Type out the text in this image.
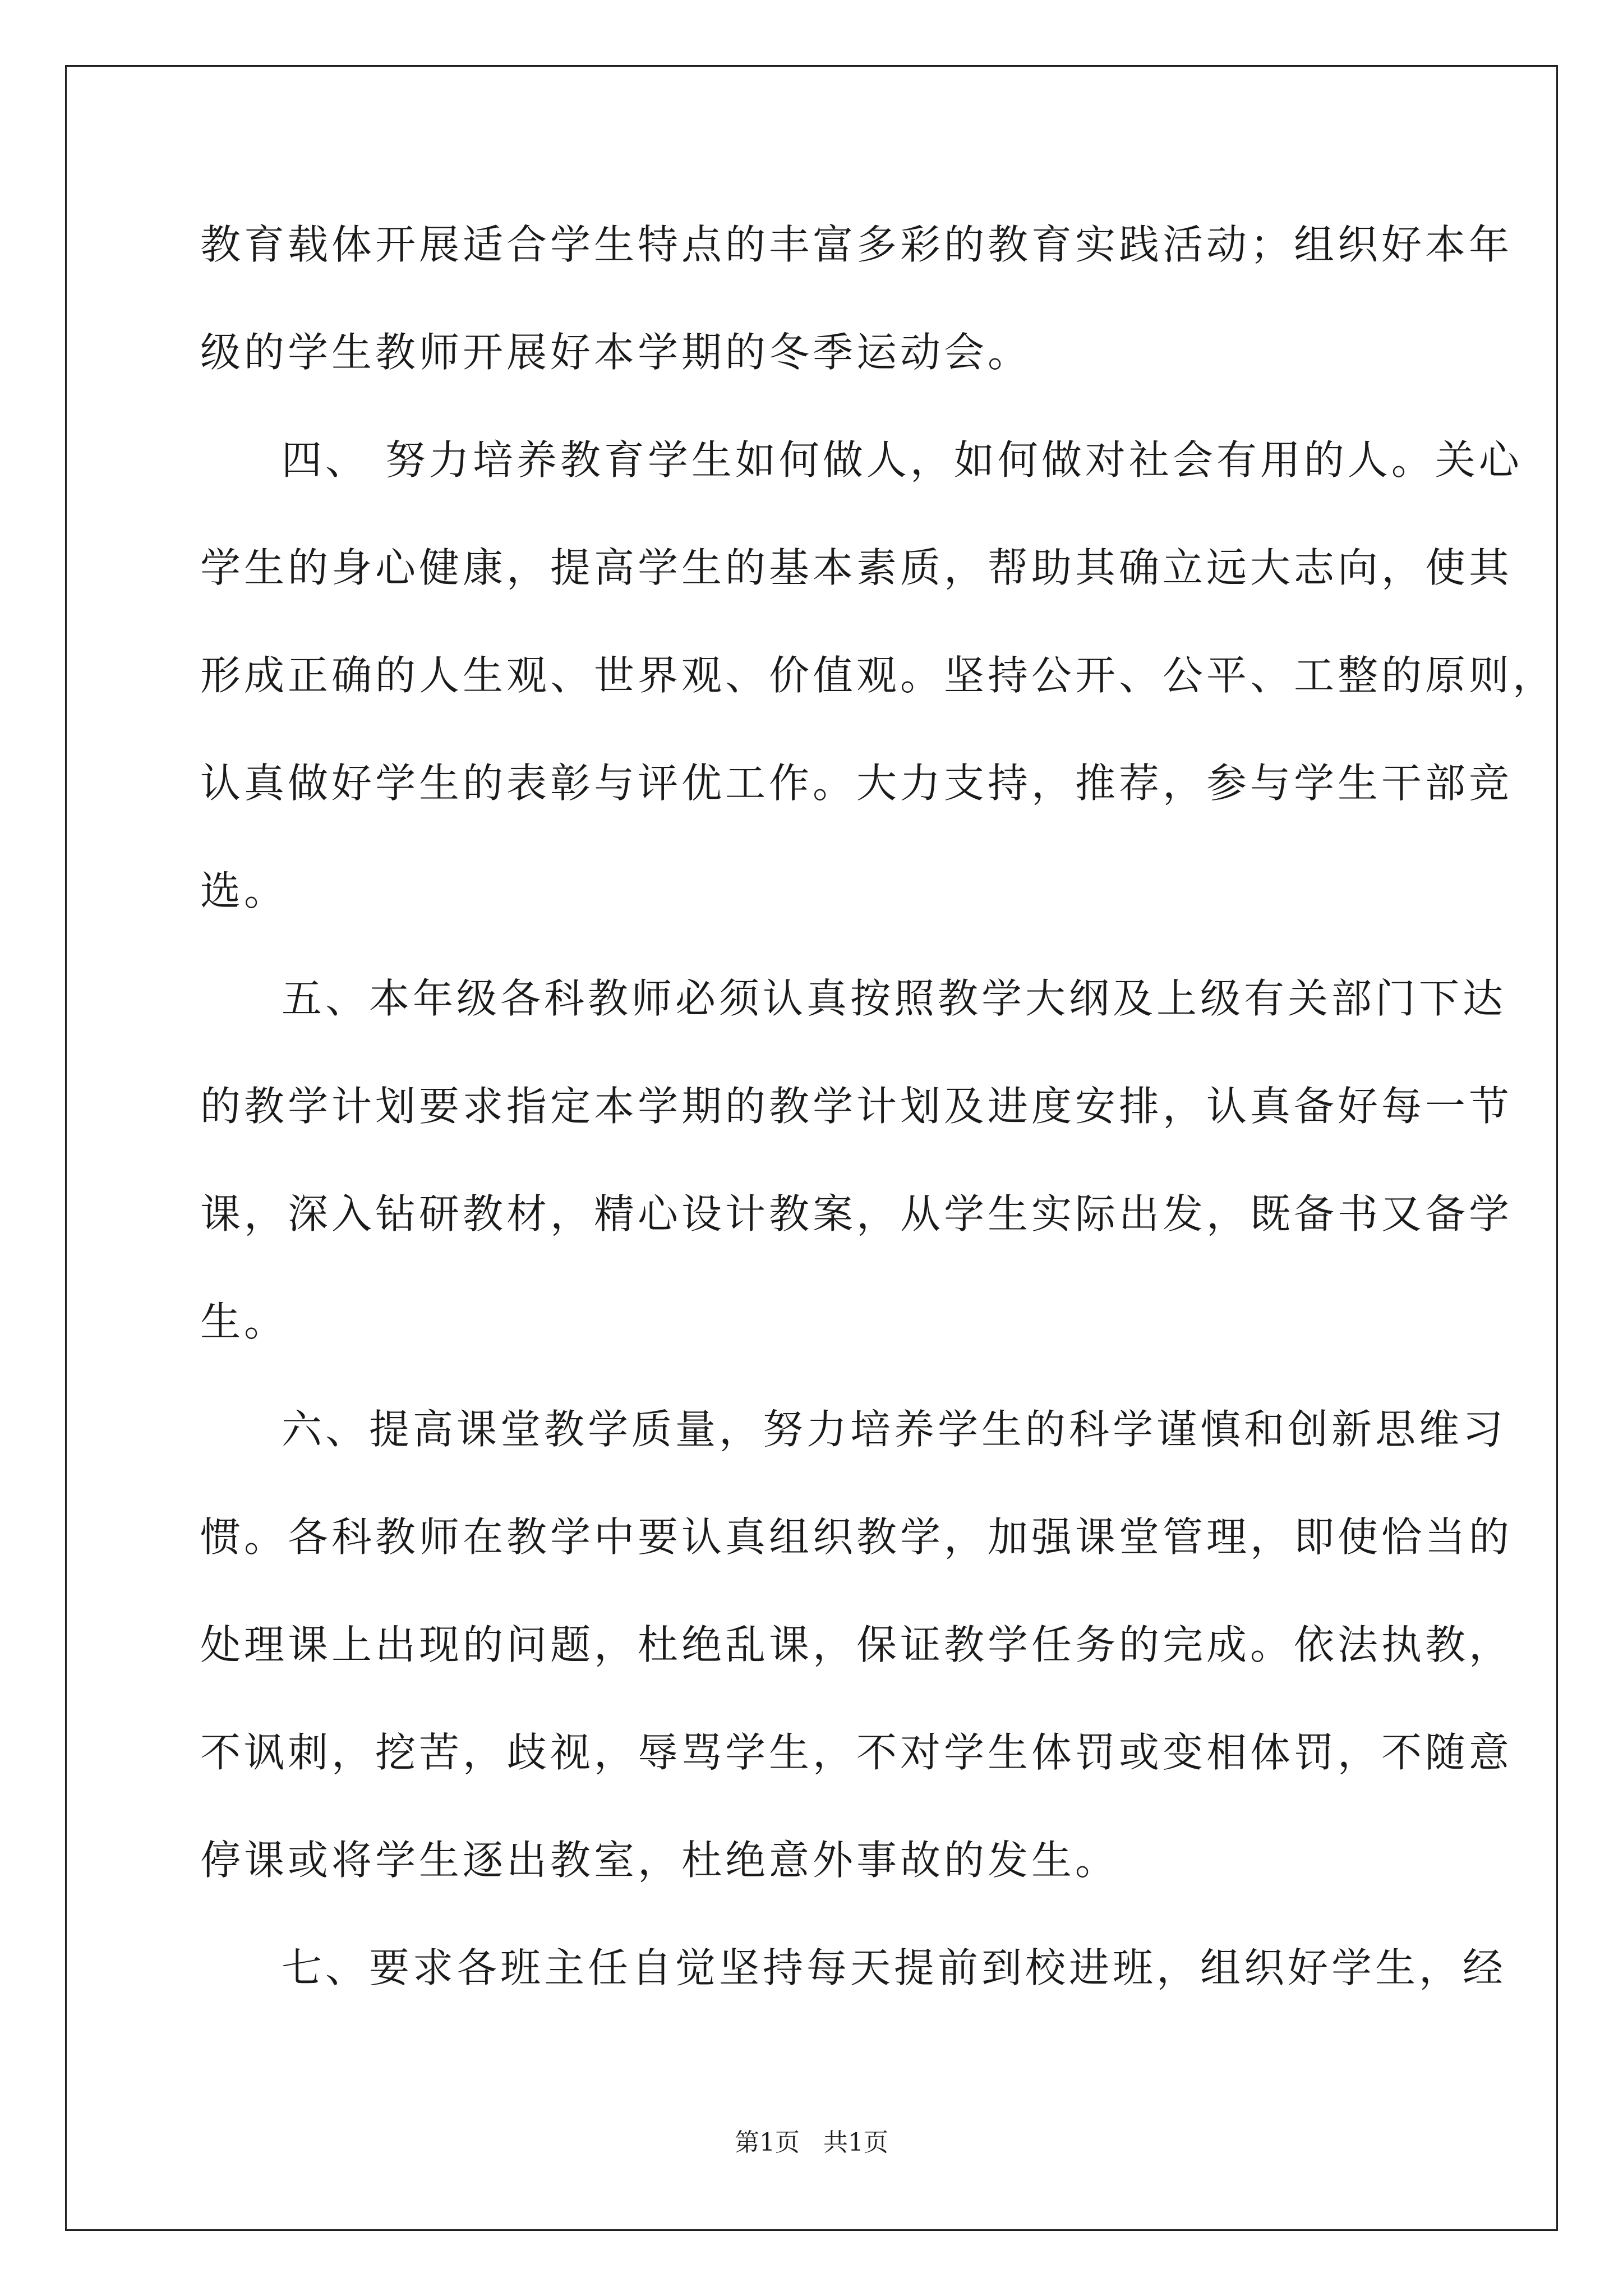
教育载体开展适合学生特点的丰富多彩的教育实践活动；组织好本年
级的学生教师开展好本学期的冬季运动会。
四、 努力培养教育学生如何做人，如何做对社会有用的人。关心
学生的身心健康，提高学生的基本素质，帮助其确立远大志向，使其
形成正确的人生观、世界观、价值观。坚持公开、公平、工整的原则，
认真做好学生的表彰与评优工作。大力支持，推荐，参与学生干部竞
选。
五、本年级各科教师必须认真按照教学大纲及上级有关部门下达
的教学计划要求指定本学期的教学计划及进度安排，认真备好每一节
课，深入钻研教材，精心设计教案，从学生实际出发，既备书又备学
生。
六、提高课堂教学质量，努力培养学生的科学谨慎和创新思维习
惯。各科教师在教学中要认真组织教学，加强课堂管理，即使恰当的
处理课上出现的问题，杜绝乱课，保证教学任务的完成。依法执教，
不讽刺，挖苦，歧视，辱骂学生，不对学生体罚或变相体罚，不随意
停课或将学生逐出教室，杜绝意外事故的发生。
七、要求各班主任自觉坚持每天提前到校进班，组织好学生，经
第1页   共1页
